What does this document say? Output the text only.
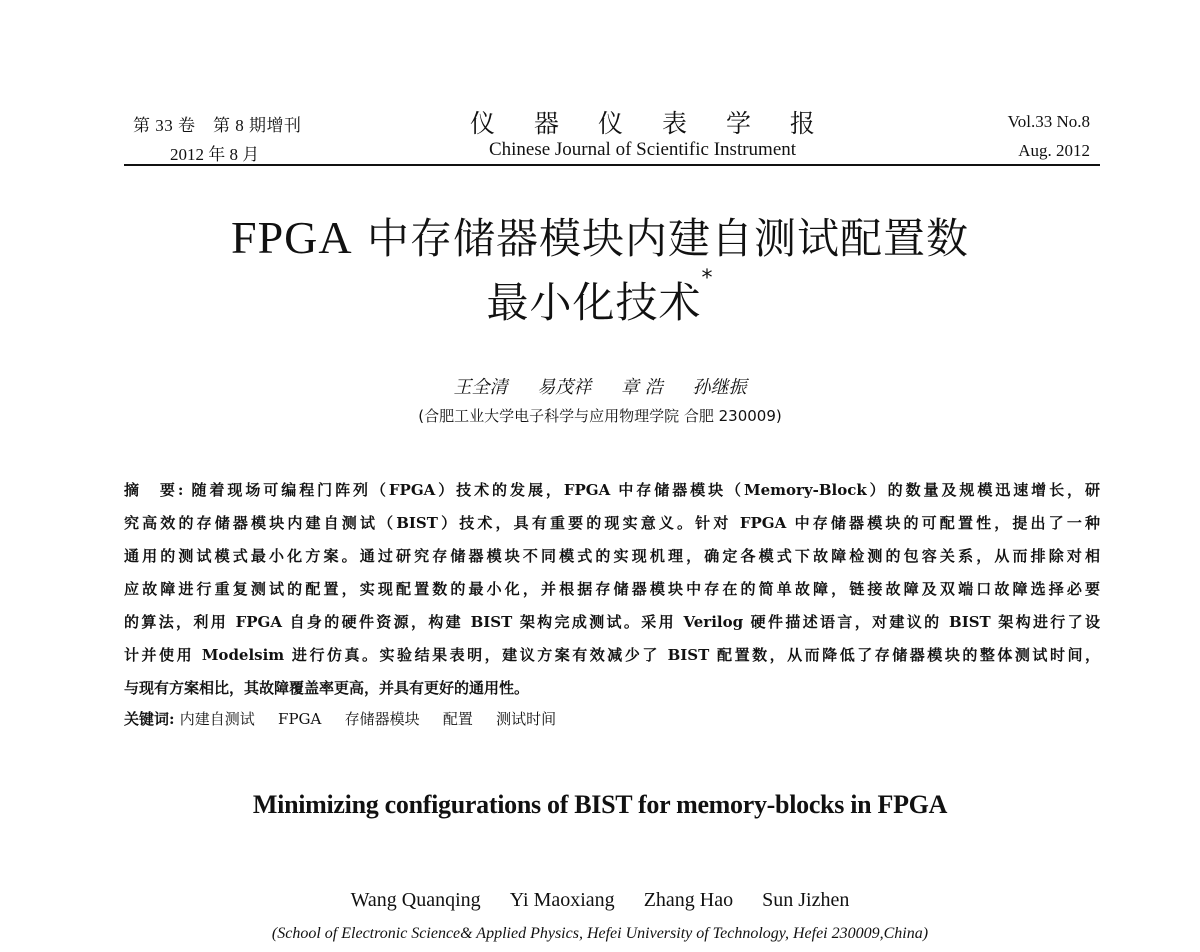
第 33 卷　第 8 期增刊
2012 年 8 月
仪 器 仪 表 学 报
Chinese Journal of Scientific Instrument
Vol.33 No.8
Aug. 2012
FPGA 中存储器模块内建自测试配置数
最小化技术*
王全清 易茂祥 章 浩 孙继振
(合肥工业大学电子科学与应用物理学院 合肥 230009)
摘　要: 随着现场可编程门阵列（FPGA）技术的发展，FPGA 中存储器模块（Memory-Block）的数量及规模迅速增长，研
究高效的存储器模块内建自测试（BIST）技术，具有重要的现实意义。针对 FPGA 中存储器模块的可配置性，提出了一种
通用的测试模式最小化方案。通过研究存储器模块不同模式的实现机理，确定各模式下故障检测的包容关系，从而排除对相
应故障进行重复测试的配置，实现配置数的最小化，并根据存储器模块中存在的简单故障，链接故障及双端口故障选择必要
的算法，利用 FPGA 自身的硬件资源，构建 BIST 架构完成测试。采用 Verilog 硬件描述语言，对建议的 BIST 架构进行了设
计并使用 Modelsim 进行仿真。实验结果表明，建议方案有效减少了 BIST 配置数，从而降低了存储器模块的整体测试时间，
与现有方案相比，其故障覆盖率更高，并具有更好的通用性。
关键词: 内建自测试 FPGA 存储器模块 配置 测试时间
Minimizing configurations of BIST for memory-blocks in FPGA
Wang Quanqing Yi Maoxiang Zhang Hao Sun Jizhen
(School of Electronic Science& Applied Physics, Hefei University of Technology, Hefei 230009,China)
